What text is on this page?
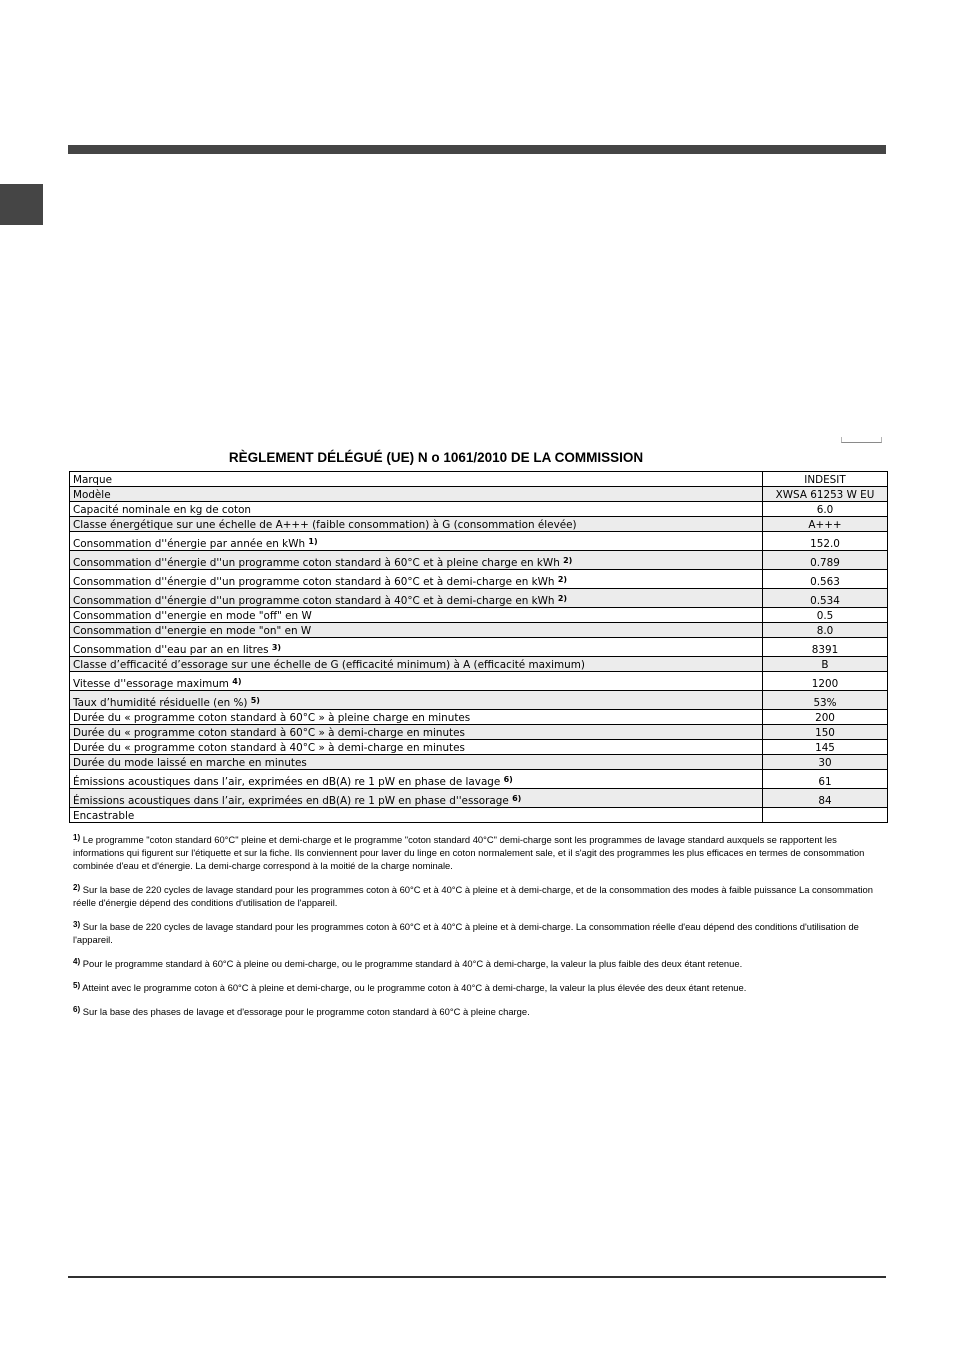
RÈGLEMENT DÉLÉGUÉ (UE) N o 1061/2010 DE LA COMMISSION
Marque	INDESIT
Modèle	XWSA 61253 W EU
Capacité nominale en kg de coton	6.0
Classe énergétique sur une échelle de A+++ (faible consommation) à G (consommation élevée)	A+++
Consommation d''énergie par année en kWh $^{1)}$	152.0
Consommation d''énergie d''un programme coton standard à 60°C et à pleine charge en kWh $^{2)}$	0.789
Consommation d''énergie d''un programme coton standard à 60°C et à demi-charge en kWh $^{2)}$	0.563
Consommation d''énergie d''un programme coton standard à 40°C et à demi-charge en kWh $^{2)}$	0.534
Consommation d''energie en mode "off" en W	0.5
Consommation d''energie en mode "on" en W	8.0
Consommation d''eau par an en litres $^{3)}$	8391
Classe d’efficacité d’essorage sur une échelle de G (efficacité minimum) à A (efficacité maximum)	B
Vitesse d''essorage maximum $^{4)}$	1200
Taux d’humidité résiduelle (en %) $^{5)}$	53%
Durée du « programme coton standard à 60°C » à pleine charge en minutes	200
Durée du « programme coton standard à 60°C » à demi-charge en minutes	150
Durée du « programme coton standard à 40°C » à demi-charge en minutes	145
Durée du mode laissé en marche en minutes	30
Émissions acoustiques dans l’air, exprimées en dB(A) re 1 pW en phase de lavage $^{6)}$	61
Émissions acoustiques dans l’air, exprimées en dB(A) re 1 pW en phase d''essorage $^{6)}$	84
Encastrable	
$^{1)}$ Le programme "coton standard 60°C" pleine et demi-charge et le programme "coton standard 40°C" demi-charge sont les programmes de lavage standard auxquels se rapportent les informations qui figurent sur l'étiquette et sur la fiche. Ils conviennent pour laver du linge en coton normalement sale, et il s'agit des programmes les plus efficaces en termes de consommation combinée d'eau et d'énergie. La demi-charge correspond à la moitié de la charge nominale.
$^{2)}$ Sur la base de 220 cycles de lavage standard pour les programmes coton à 60°C et à 40°C à pleine et à demi-charge, et de la consommation des modes à faible puissance La consommation réelle d'énergie dépend des conditions d'utilisation de l'appareil.
$^{3)}$ Sur la base de 220 cycles de lavage standard pour les programmes coton à 60°C et à 40°C à pleine et à demi-charge. La consommation réelle d'eau dépend des conditions d'utilisation de l'appareil.
$^{4)}$ Pour le programme standard à 60°C à pleine ou demi-charge, ou le programme standard à 40°C à demi-charge, la valeur la plus faible des deux étant retenue.
$^{5)}$ Atteint avec le programme coton à 60°C à pleine et demi-charge, ou le programme coton à 40°C à demi-charge, la valeur la plus élevée des deux étant retenue.
$^{6)}$ Sur la base des phases de lavage et d'essorage pour le programme coton standard à 60°C à pleine charge.
